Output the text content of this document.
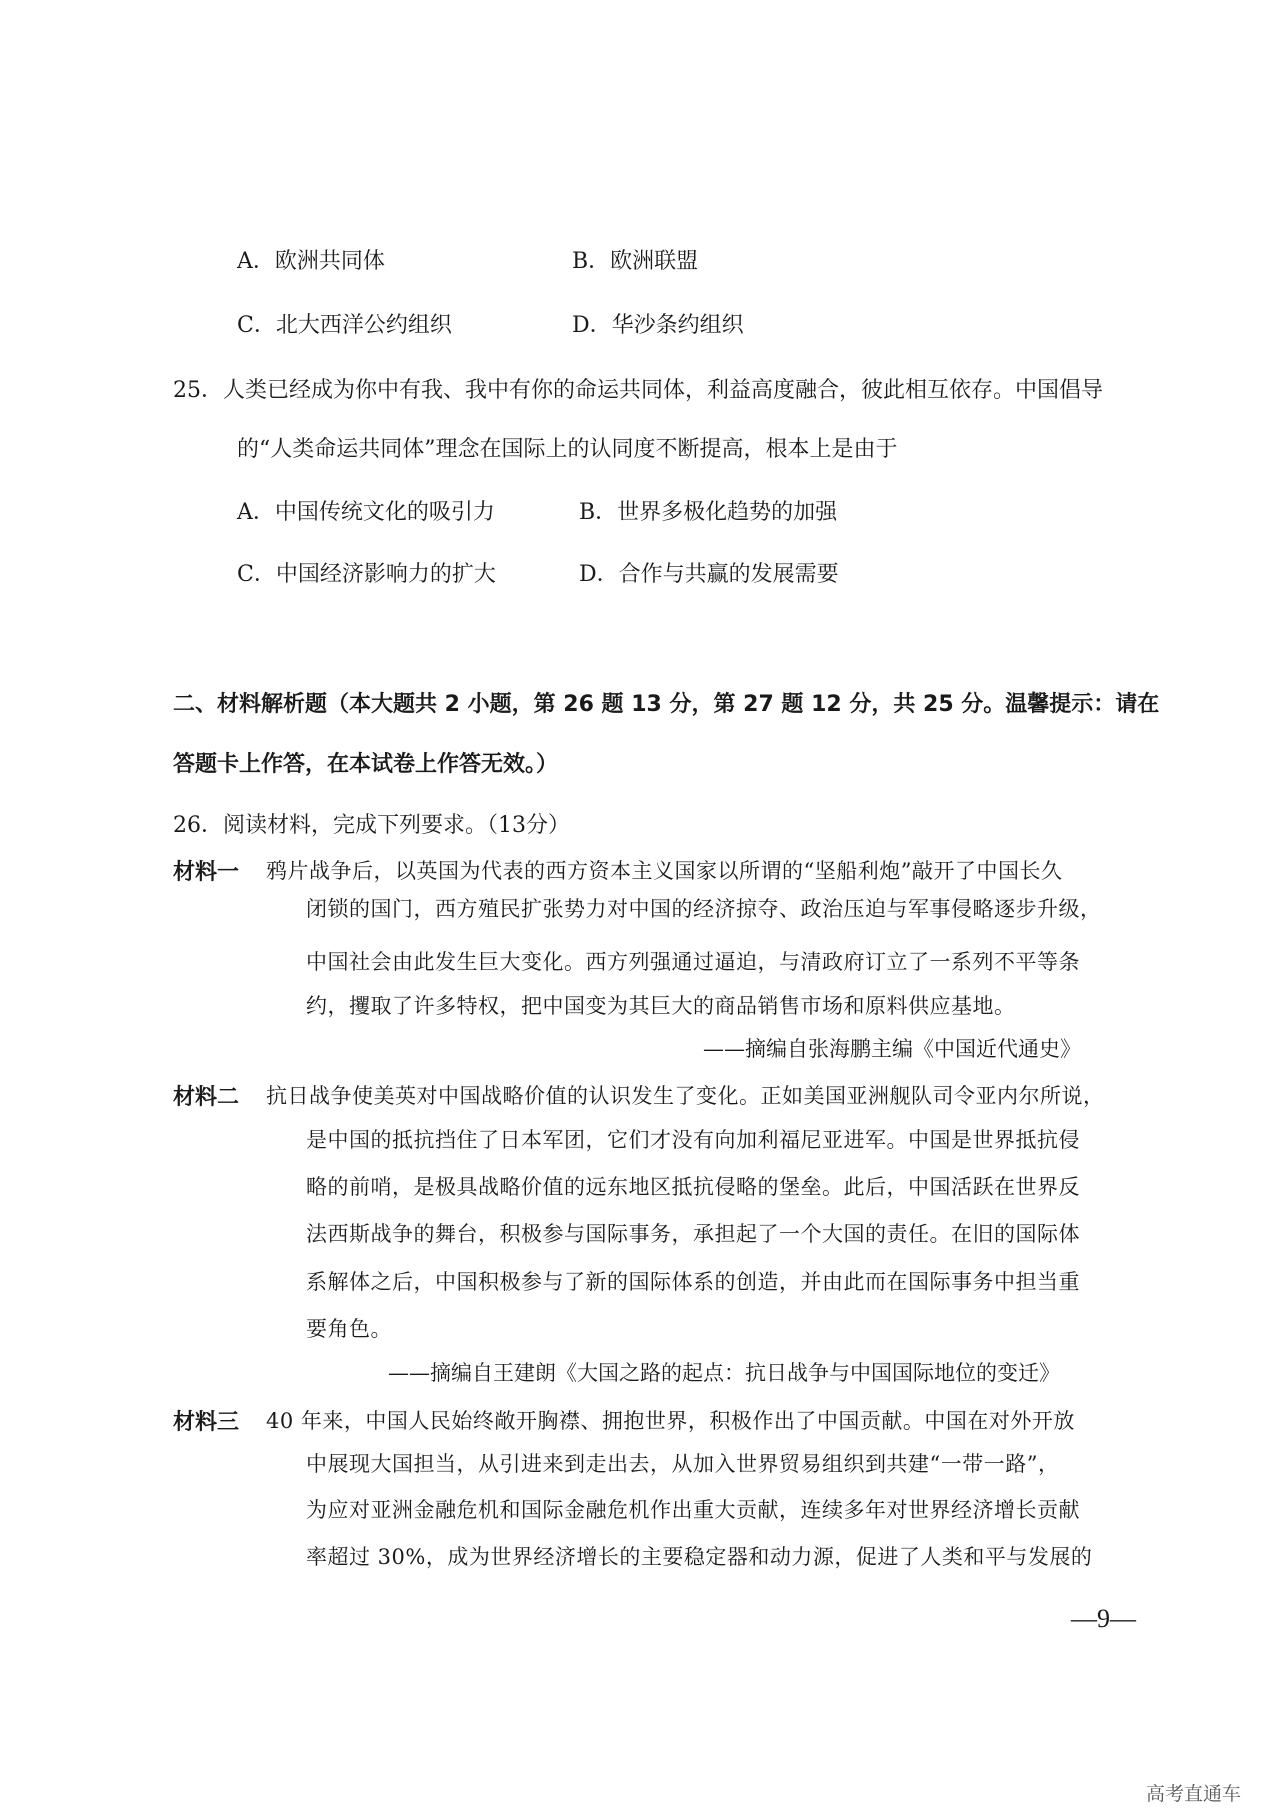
A．欧洲共同体	B．欧洲联盟
C．北大西洋公约组织	D．华沙条约组织
25．人类已经成为你中有我、我中有你的命运共同体，利益高度融合，彼此相互依存。中国倡导
的“人类命运共同体”理念在国际上的认同度不断提高，根本上是由于
A．中国传统文化的吸引力	B．世界多极化趋势的加强
C．中国经济影响力的扩大	D．合作与共赢的发展需要
二、材料解析题（本大题共 2 小题，第 26 题 13 分，第 27 题 12 分，共 25 分。温馨提示：请在
答题卡上作答，在本试卷上作答无效。）
26．阅读材料，完成下列要求。（13分）
材料一 鸦片战争后，以英国为代表的西方资本主义国家以所谓的“坚船利炮”敲开了中国长久
闭锁的国门，西方殖民扩张势力对中国的经济掠夺、政治压迫与军事侵略逐步升级，
中国社会由此发生巨大变化。西方列强通过逼迫，与清政府订立了一系列不平等条
约，攫取了许多特权，把中国变为其巨大的商品销售市场和原料供应基地。
——摘编自张海鹏主编《中国近代通史》
材料二 抗日战争使美英对中国战略价值的认识发生了变化。正如美国亚洲舰队司令亚内尔所说，
是中国的抵抗挡住了日本军团，它们才没有向加利福尼亚进军。中国是世界抵抗侵
略的前哨，是极具战略价值的远东地区抵抗侵略的堡垒。此后，中国活跃在世界反
法西斯战争的舞台，积极参与国际事务，承担起了一个大国的责任。在旧的国际体
系解体之后，中国积极参与了新的国际体系的创造，并由此而在国际事务中担当重
要角色。
——摘编自王建朗《大国之路的起点：抗日战争与中国国际地位的变迁》
材料三 40 年来，中国人民始终敞开胸襟、拥抱世界，积极作出了中国贡献。中国在对外开放
中展现大国担当，从引进来到走出去，从加入世界贸易组织到共建“一带一路”，
为应对亚洲金融危机和国际金融危机作出重大贡献，连续多年对世界经济增长贡献
率超过 30%，成为世界经济增长的主要稳定器和动力源，促进了人类和平与发展的
—9—
高考直通车
